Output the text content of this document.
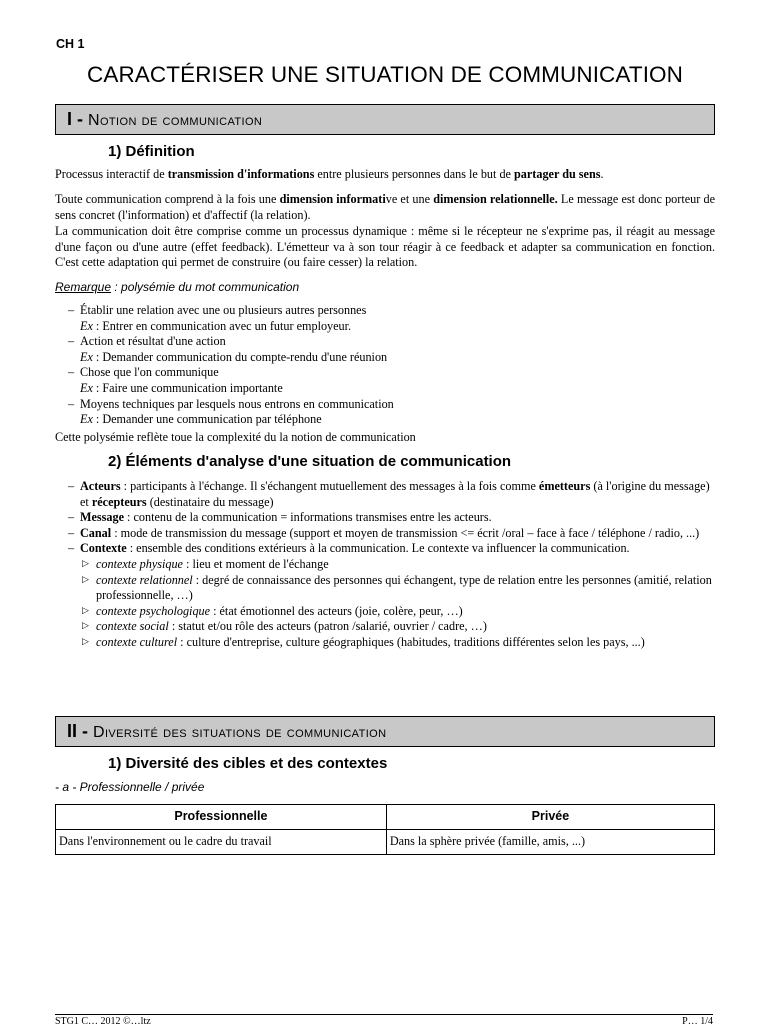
CH 1
CARACTÉRISER UNE SITUATION DE COMMUNICATION
I - Notion de communication
1) Définition
Processus interactif de transmission d'informations entre plusieurs personnes dans le but de partager du sens.
Toute communication comprend à la fois une dimension informative et une dimension relationnelle. Le message est donc porteur de sens concret (l'information) et d'affectif (la relation).
La communication doit être comprise comme un processus dynamique : même si le récepteur ne s'exprime pas, il réagit au message d'une façon ou d'une autre (effet feedback). L'émetteur va à son tour réagir à ce feedback et adapter sa communication en fonction. C'est cette adaptation qui permet de construire (ou faire cesser) la relation.
Remarque : polysémie du mot communication
– Établir une relation avec une ou plusieurs autres personnes
Ex : Entrer en communication avec un futur employeur.
– Action et résultat d'une action
Ex : Demander communication du compte-rendu d'une réunion
– Chose que l'on communique
Ex : Faire une communication importante
– Moyens techniques par lesquels nous entrons en communication
Ex : Demander une communication par téléphone
Cette polysémie reflète toue la complexité du la notion de communication
2) Éléments d'analyse d'une situation de communication
– Acteurs : participants à l'échange. Il s'échangent mutuellement des messages à la fois comme émetteurs (à l'origine du message) et récepteurs (destinataire du message)
– Message : contenu de la communication = informations transmises entre les acteurs.
– Canal : mode de transmission du message (support et moyen de transmission <= écrit /oral – face à face / téléphone / radio, ...)
– Contexte : ensemble des conditions extérieurs à la communication. Le contexte va influencer la communication.
▷ contexte physique : lieu et moment de l'échange
▷ contexte relationnel : degré de connaissance des personnes qui échangent, type de relation entre les personnes (amitié, relation professionnelle, …)
▷ contexte psychologique : état émotionnel des acteurs (joie, colère, peur, …)
▷ contexte social : statut et/ou rôle des acteurs (patron /salarié, ouvrier / cadre, …)
▷ contexte culturel : culture d'entreprise, culture géographiques (habitudes, traditions différentes selon les pays, ...)
II - Diversité des situations de communication
1) Diversité des cibles et des contextes
- a - Professionnelle / privée
Professionnelle	Privée
Dans l'environnement ou le cadre du travail	Dans la sphère privée (famille, amis, ...)
STG1 C… 2012 ©…ltz	P… 1/4
